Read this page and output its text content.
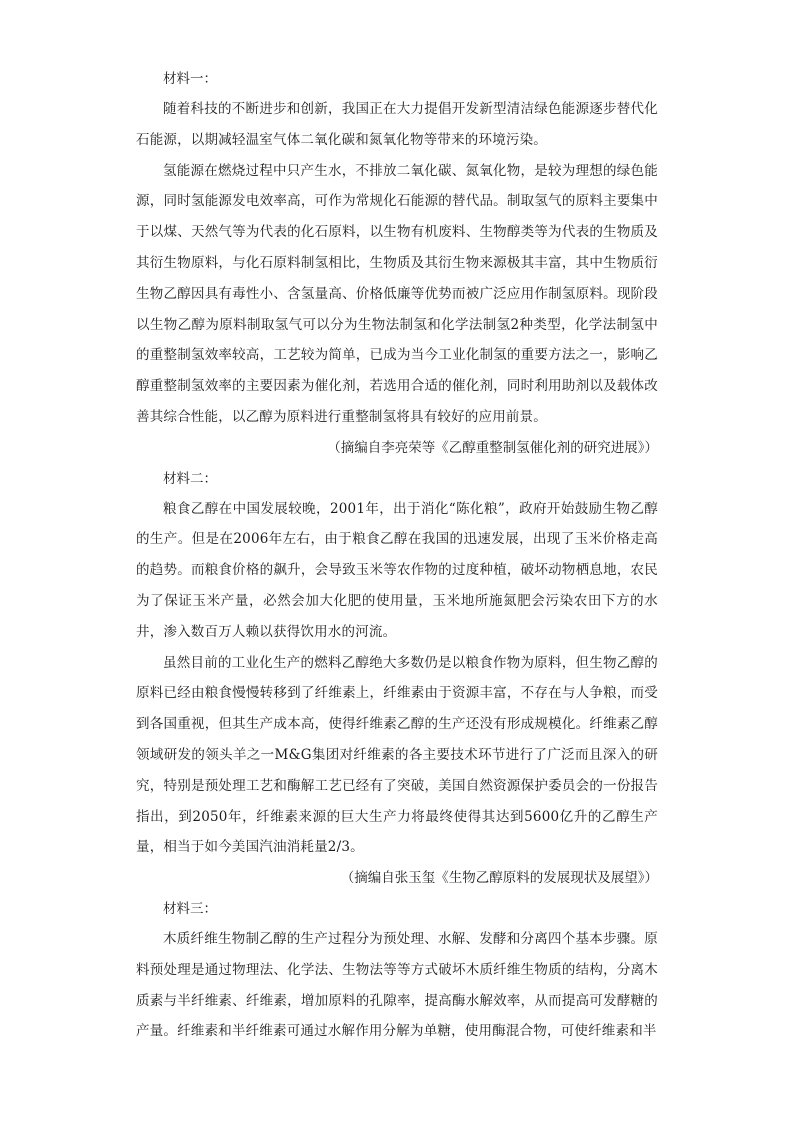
材料一：

随着科技的不断进步和创新，我国正在大力提倡开发新型清洁绿色能源逐步替代化石能源，以期减轻温室气体二氧化碳和氮氧化物等带来的环境污染。

氢能源在燃烧过程中只产生水，不排放二氧化碳、氮氧化物，是较为理想的绿色能源，同时氢能源发电效率高，可作为常规化石能源的替代品。制取氢气的原料主要集中于以煤、天然气等为代表的化石原料，以生物有机废料、生物醇类等为代表的生物质及其衍生物原料，与化石原料制氢相比，生物质及其衍生物来源极其丰富，其中生物质衍生物乙醇因具有毒性小、含氢量高、价格低廉等优势而被广泛应用作制氢原料。现阶段以生物乙醇为原料制取氢气可以分为生物法制氢和化学法制氢2种类型，化学法制氢中的重整制氢效率较高，工艺较为简单，已成为当今工业化制氢的重要方法之一，影响乙醇重整制氢效率的主要因素为催化剂，若选用合适的催化剂，同时利用助剂以及载体改善其综合性能，以乙醇为原料进行重整制氢将具有较好的应用前景。

（摘编自李亮荣等《乙醇重整制氢催化剂的研究进展》）

材料二：

粮食乙醇在中国发展较晚，2001年，出于消化“陈化粮”，政府开始鼓励生物乙醇的生产。但是在2006年左右，由于粮食乙醇在我国的迅速发展，出现了玉米价格走高的趋势。而粮食价格的飙升，会导致玉米等农作物的过度种植，破坏动物栖息地，农民为了保证玉米产量，必然会加大化肥的使用量，玉米地所施氮肥会污染农田下方的水井，渗入数百万人赖以获得饮用水的河流。

虽然目前的工业化生产的燃料乙醇绝大多数仍是以粮食作物为原料，但生物乙醇的原料已经由粮食慢慢转移到了纤维素上，纤维素由于资源丰富，不存在与人争粮，而受到各国重视，但其生产成本高，使得纤维素乙醇的生产还没有形成规模化。纤维素乙醇领域研发的领头羊之一M&G集团对纤维素的各主要技术环节进行了广泛而且深入的研究，特别是预处理工艺和酶解工艺已经有了突破，美国自然资源保护委员会的一份报告指出，到2050年，纤维素来源的巨大生产力将最终使得其达到5600亿升的乙醇生产量，相当于如今美国汽油消耗量2/3。

（摘编自张玉玺《生物乙醇原料的发展现状及展望》）

材料三：

木质纤维生物制乙醇的生产过程分为预处理、水解、发酵和分离四个基本步骤。原料预处理是通过物理法、化学法、生物法等等方式破坏木质纤维生物质的结构，分离木质素与半纤维素、纤维素，增加原料的孔隙率，提高酶水解效率，从而提高可发酵糖的产量。纤维素和半纤维素可通过水解作用分解为单糖，使用酶混合物，可使纤维素和半
